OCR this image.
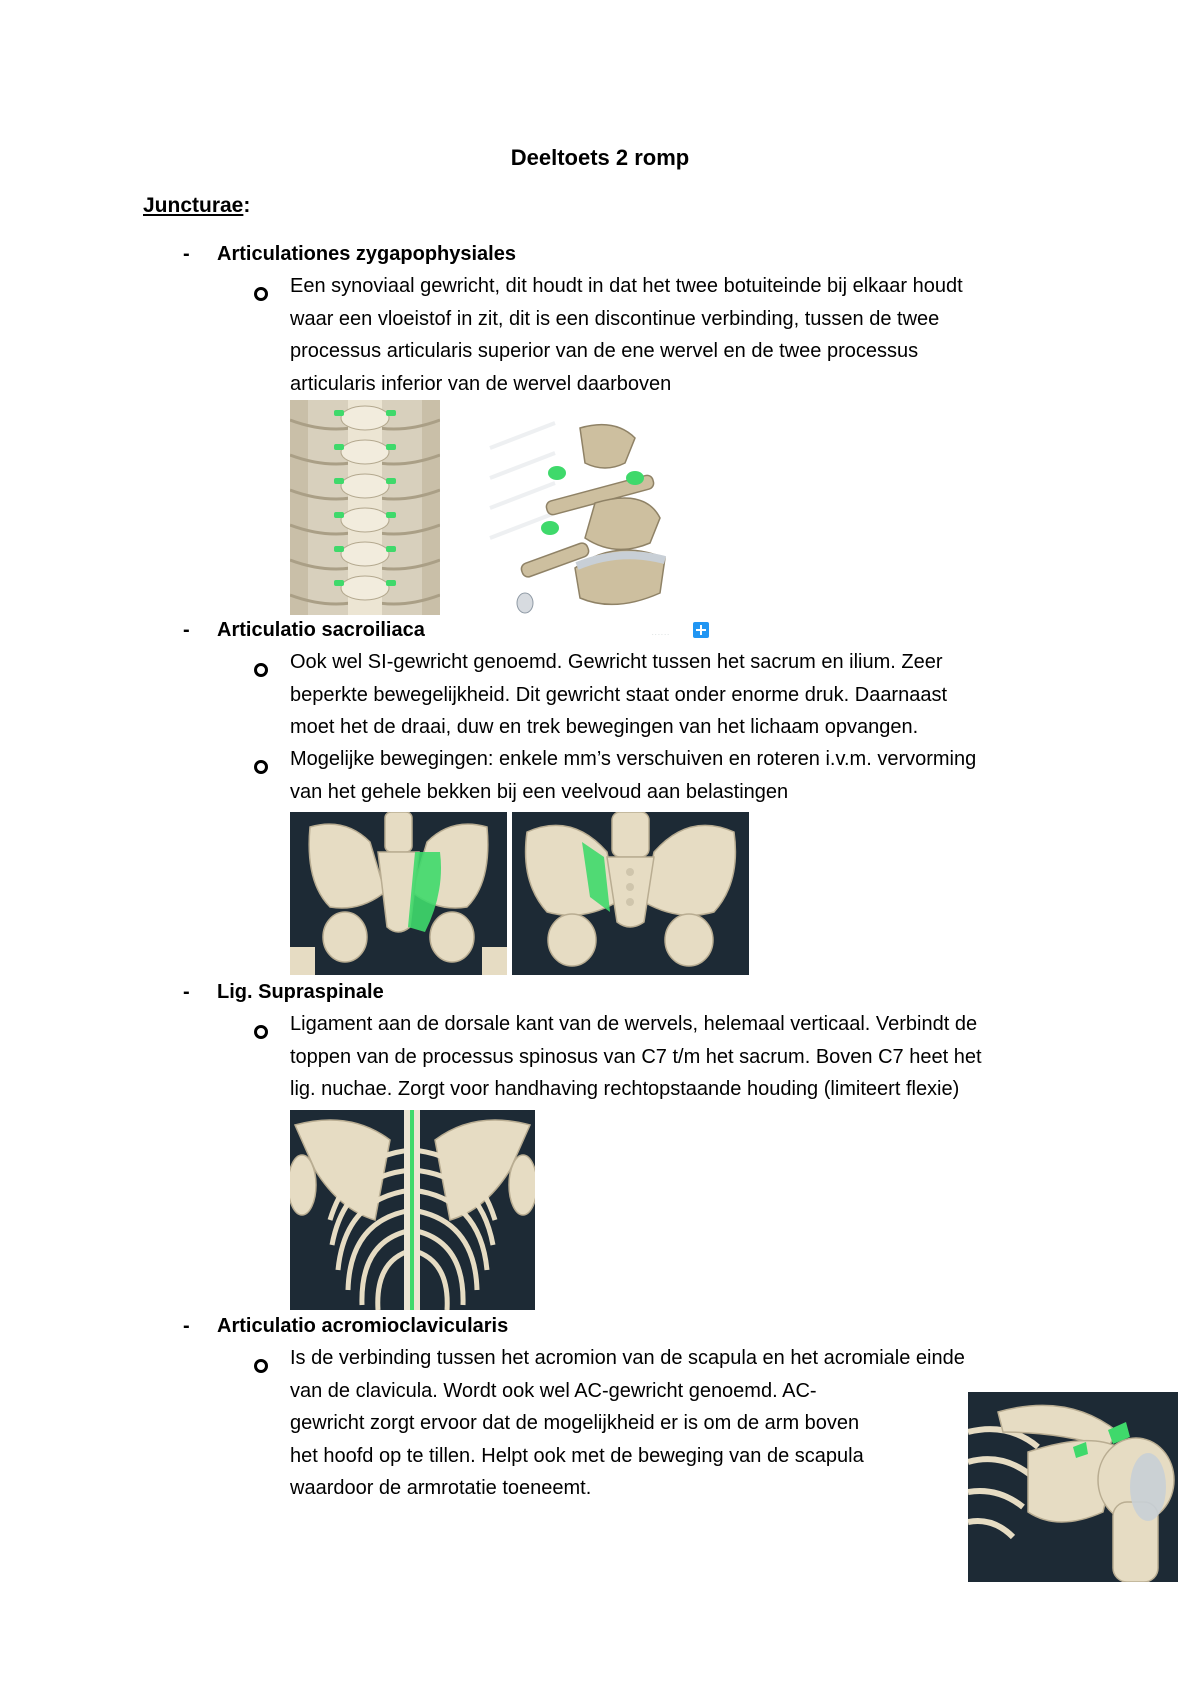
Deeltoets 2 romp
Juncturae:
- Articulationes zygapophysiales

Een synoviaal gewricht, dit houdt in dat het twee botuiteinde bij elkaar houdt
waar een vloeistof in zit, dit is een discontinue verbinding, tussen de twee
processus articularis superior van de ene wervel en de twee processus
articularis inferior van de wervel daarboven

· · · · · ·
- Articulatio sacroiliaca

Ook wel SI-gewricht genoemd. Gewricht tussen het sacrum en ilium. Zeer
beperkte bewegelijkheid. Dit gewricht staat onder enorme druk. Daarnaast
moet het de draai, duw en trek bewegingen van het lichaam opvangen.

Mogelijke bewegingen: enkele mm’s verschuiven en roteren i.v.m. vervorming
van het gehele bekken bij een veelvoud aan belastingen

- Lig. Supraspinale

Ligament aan de dorsale kant van de wervels, helemaal verticaal. Verbindt de
toppen van de processus spinosus van C7 t/m het sacrum. Boven C7 heet het
lig. nuchae. Zorgt voor handhaving rechtopstaande houding (limiteert flexie)

- Articulatio acromioclavicularis

Is de verbinding tussen het acromion van de scapula en het acromiale einde
van de clavicula. Wordt ook wel AC-gewricht genoemd. AC-
gewricht zorgt ervoor dat de mogelijkheid er is om de arm boven
het hoofd op te tillen. Helpt ook met de beweging van de scapula
waardoor de armrotatie toeneemt.
